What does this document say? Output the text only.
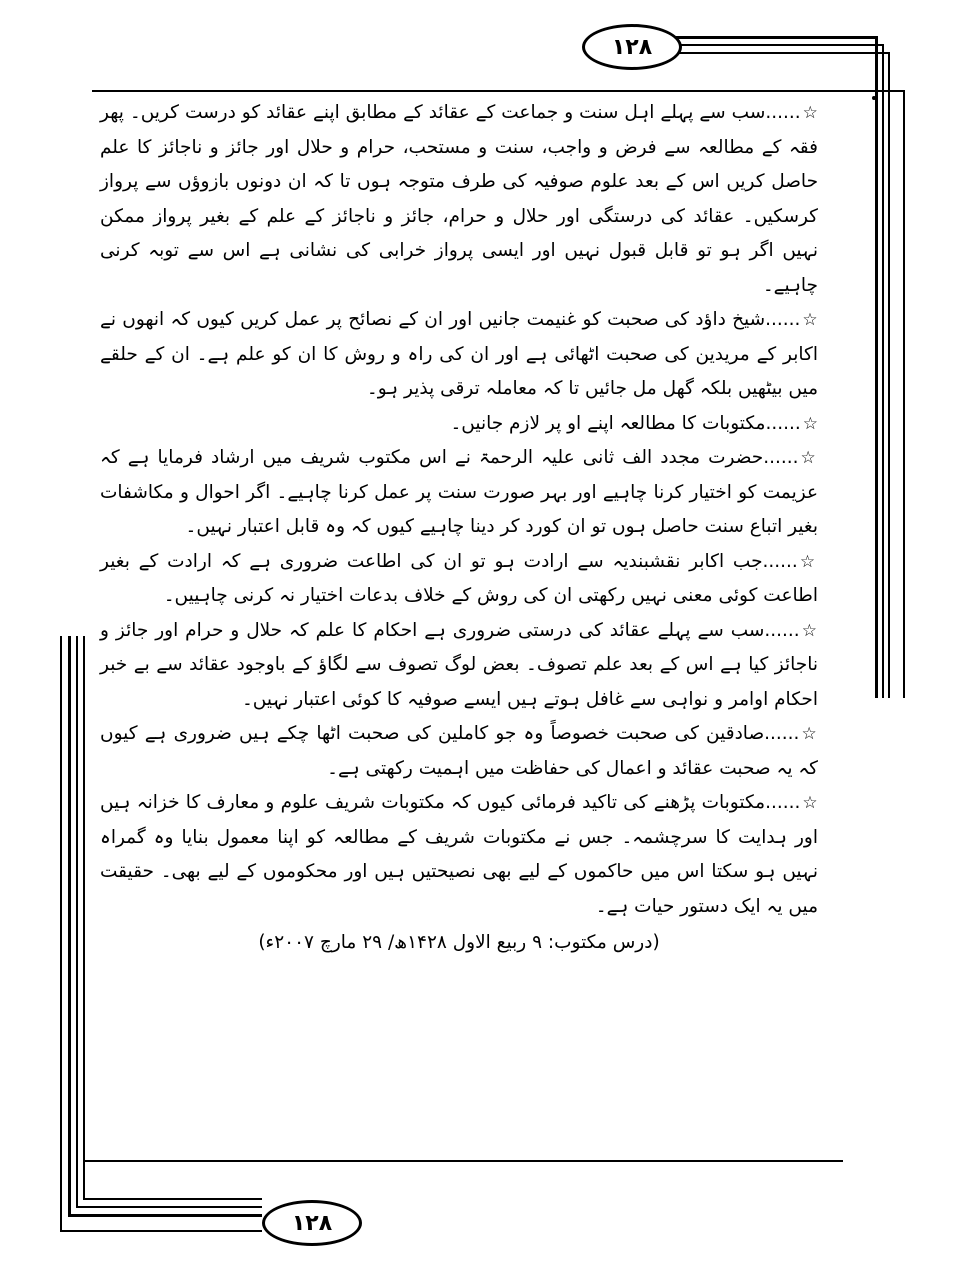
۱۲۸
۱۲۸

☆......سب سے پہلے اہل سنت و جماعت کے عقائد کے مطابق اپنے عقائد کو درست کریں۔ پھر فقہ کے مطالعہ سے فرض و واجب، سنت و مستحب، حرام و حلال اور جائز و ناجائز کا علم حاصل کریں اس کے بعد علوم صوفیہ کی طرف متوجہ ہوں تا کہ ان دونوں بازوؤں سے پرواز کرسکیں۔ عقائد کی درستگی اور حلال و حرام، جائز و ناجائز کے علم کے بغیر پرواز ممکن نہیں اگر ہو تو قابل قبول نہیں اور ایسی پرواز خرابی کی نشانی ہے اس سے توبہ کرنی چاہیے۔

☆......شیخ داؤد کی صحبت کو غنیمت جانیں اور ان کے نصائح پر عمل کریں کیوں کہ انھوں نے اکابر کے مریدین کی صحبت اٹھائی ہے اور ان کی راہ و روش کا ان کو علم ہے۔ ان کے حلقے میں بیٹھیں بلکہ گھل مل جائیں تا کہ معاملہ ترقی پذیر ہو۔

☆......مکتوبات کا مطالعہ اپنے او پر لازم جانیں۔

☆......حضرت مجدد الف ثانی علیہ الرحمۃ نے اس مکتوب شریف میں ارشاد فرمایا ہے کہ عزیمت کو اختیار کرنا چاہیے اور بہر صورت سنت پر عمل کرنا چاہیے۔ اگر احوال و مکاشفات بغیر اتباع سنت حاصل ہوں تو ان کورد کر دینا چاہیے کیوں کہ وہ قابل اعتبار نہیں۔

☆......جب اکابر نقشبندیہ سے ارادت ہو تو ان کی اطاعت ضروری ہے کہ ارادت کے بغیر اطاعت کوئی معنی نہیں رکھتی ان کی روش کے خلاف بدعات اختیار نہ کرنی چاہییں۔

☆......سب سے پہلے عقائد کی درستی ضروری ہے احکام کا علم کہ حلال و حرام اور جائز و ناجائز کیا ہے اس کے بعد علم تصوف۔ بعض لوگ تصوف سے لگاؤ کے باوجود عقائد سے بے خبر احکام اوامر و نواہی سے غافل ہوتے ہیں ایسے صوفیہ کا کوئی اعتبار نہیں۔

☆......صادقین کی صحبت خصوصاً وہ جو کاملین کی صحبت اٹھا چکے ہیں ضروری ہے کیوں کہ یہ صحبت عقائد و اعمال کی حفاظت میں اہمیت رکھتی ہے۔

☆......مکتوبات پڑھنے کی تاکید فرمائی کیوں کہ مکتوبات شریف علوم و معارف کا خزانہ ہیں اور ہدایت کا سرچشمہ۔ جس نے مکتوبات شریف کے مطالعہ کو اپنا معمول بنایا وہ گمراہ نہیں ہو سکتا اس میں حاکموں کے لیے بھی نصیحتیں ہیں اور محکوموں کے لیے بھی۔ حقیقت میں یہ ایک دستور حیات ہے۔

(درس مکتوب: ۹ ربیع الاول ۱۴۲۸ھ/ ۲۹ مارچ ۲۰۰۷ء)
